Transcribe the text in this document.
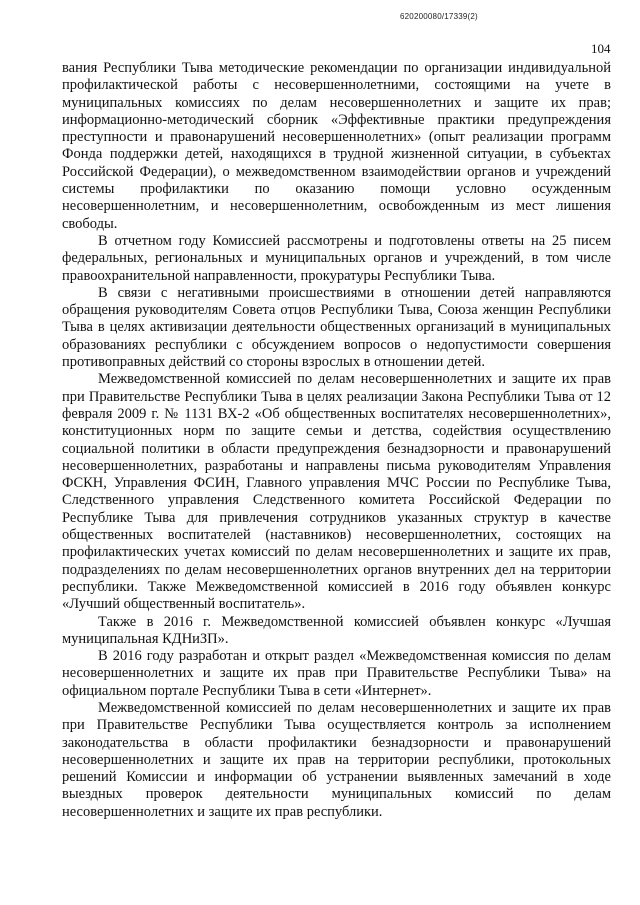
620200080/17339(2)
104

вания Республики Тыва методические рекомендации по организации индивидуальной профилактической работы с несовершеннолетними, состоящими на учете в муниципальных комиссиях по делам несовершеннолетних и защите их прав; информационно-методический сборник «Эффективные практики предупреждения преступности и правонарушений несовершеннолетних» (опыт реализации программ Фонда поддержки детей, находящихся в трудной жизненной ситуации, в субъектах Российской Федерации), о межведомственном взаимодействии органов и учреждений системы профилактики по оказанию помощи условно осужденным несовершеннолетним, и несовершеннолетним, освобожденным из мест лишения свободы.

В отчетном году Комиссией рассмотрены и подготовлены ответы на 25 писем федеральных, региональных и муниципальных органов и учреждений, в том числе правоохранительной направленности, прокуратуры Республики Тыва.

В связи с негативными происшествиями в отношении детей направляются обращения руководителям Совета отцов Республики Тыва, Союза женщин Республики Тыва в целях активизации деятельности общественных организаций в муниципальных образованиях республики с обсуждением вопросов о недопустимости совершения противоправных действий со стороны взрослых в отношении детей.

Межведомственной комиссией по делам несовершеннолетних и защите их прав при Правительстве Республики Тыва в целях реализации Закона Республики Тыва от 12 февраля 2009 г. № 1131 ВХ-2 «Об общественных воспитателях несовершеннолетних», конституционных норм по защите семьи и детства, содействия осуществлению социальной политики в области предупреждения безнадзорности и правонарушений несовершеннолетних, разработаны и направлены письма руководителям Управления ФСКН, Управления ФСИН, Главного управления МЧС России по Республике Тыва, Следственного управления Следственного комитета Российской Федерации по Республике Тыва для привлечения сотрудников указанных структур в качестве общественных воспитателей (наставников) несовершеннолетних, состоящих на профилактических учетах комиссий по делам несовершеннолетних и защите их прав, подразделениях по делам несовершеннолетних органов внутренних дел на территории республики. Также Межведомственной комиссией в 2016 году объявлен конкурс «Лучший общественный воспитатель».

Также в 2016 г. Межведомственной комиссией объявлен конкурс «Лучшая муниципальная КДНиЗП».

В 2016 году разработан и открыт раздел «Межведомственная комиссия по делам несовершеннолетних и защите их прав при Правительстве Республики Тыва» на официальном портале Республики Тыва в сети «Интернет».

Межведомственной комиссией по делам несовершеннолетних и защите их прав при Правительстве Республики Тыва осуществляется контроль за исполнением законодательства в области профилактики безнадзорности и правонарушений несовершеннолетних и защите их прав на территории республики, протокольных решений Комиссии и информации об устранении выявленных замечаний в ходе выездных проверок деятельности муниципальных комиссий по делам несовершеннолетних и защите их прав республики.
